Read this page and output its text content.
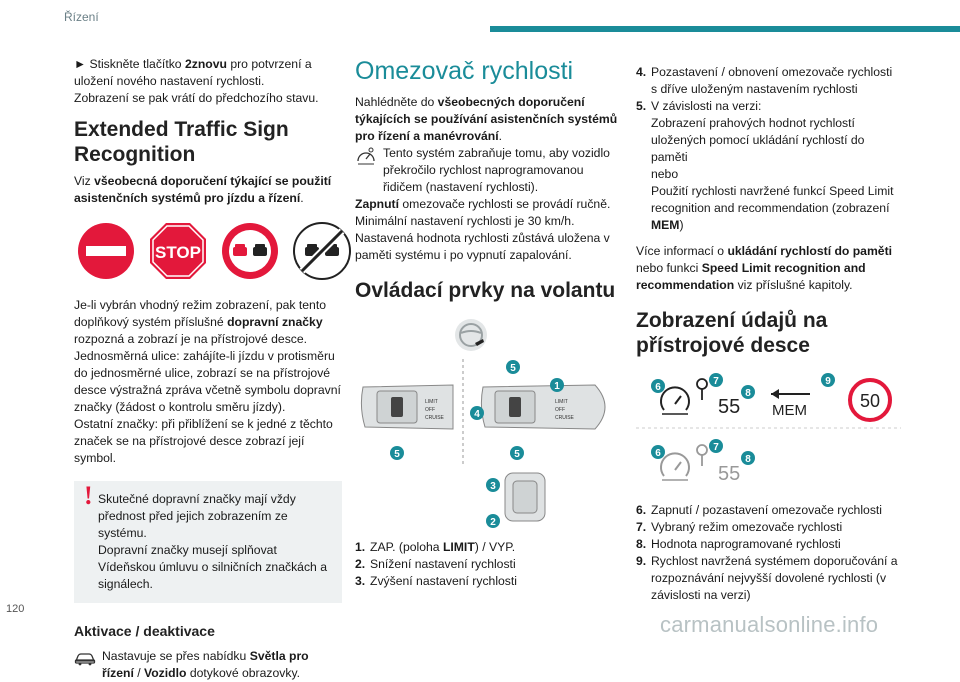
Řízení

► Stiskněte tlačítko 2znovu pro potvrzení a uložení nového nastavení rychlosti.

Zobrazení se pak vrátí do předchozího stavu.

Extended Traffic Sign Recognition

Viz všeobecná doporučení týkající se použití asistenčních systémů pro jízdu a řízení.

STOP

Je-li vybrán vhodný režim zobrazení, pak tento doplňkový systém příslušné dopravní značky rozpozná a zobrazí je na přístrojové desce.

Jednosměrná ulice: zahájíte-li jízdu v protisměru do jednosměrné ulice, zobrazí se na přístrojové desce výstražná zpráva včetně symbolu dopravní značky (žádost o kontrolu směru jízdy).

Ostatní značky: při přiblížení se k jedné z těchto značek se na přístrojové desce zobrazí její symbol.

! Skutečné dopravní značky mají vždy přednost před jejich zobrazením ze systému.

Dopravní značky musejí splňovat Vídeňskou úmluvu o silničních značkách a signálech.

Aktivace / deaktivace

Nastavuje se přes nabídku Světla pro řízení / Vozidlo dotykové obrazovky.

Omezovač rychlosti

Nahlédněte do všeobecných doporučení týkajících se používání asistenčních systémů pro řízení a manévrování.

Tento systém zabraňuje tomu, aby vozidlo překročilo rychlost naprogramovanou řidičem (nastavení rychlosti).

Zapnutí omezovače rychlosti se provádí ručně.

Minimální nastavení rychlosti je 30 km/h.

Nastavená hodnota rychlosti zůstává uložena v paměti systému i po vypnutí zapalování.

Ovládací prvky na volantu
LIMIT
OFF
CRUISE
LIMIT
OFF
CRUISE
5
5
1
4
5
3
2
1. ZAP. (poloha LIMIT) / VYP.
2. Snížení nastavení rychlosti
3. Zvýšení nastavení rychlosti
4. Pozastavení / obnovení omezovače rychlosti s dříve uloženým nastavením rychlosti
5. V závislosti na verzi:
Zobrazení prahových hodnot rychlostí uložených pomocí ukládání rychlostí do paměti
nebo
Použití rychlosti navržené funkcí Speed Limit recognition and recommendation (zobrazení MEM)

Více informací o ukládání rychlostí do paměti nebo funkci Speed Limit recognition and recommendation viz příslušné kapitoly.

Zobrazení údajů na přístrojové desce
55 MEM	50
6
7
8
9
55
6
7
8
6. Zapnutí / pozastavení omezovače rychlosti
7. Vybraný režim omezovače rychlosti
8. Hodnota naprogramované rychlosti
9. Rychlost navržená systémem doporučování a rozpoznávání nejvyšší dovolené rychlosti (v závislosti na verzi)
120
carmanualsonline.info
